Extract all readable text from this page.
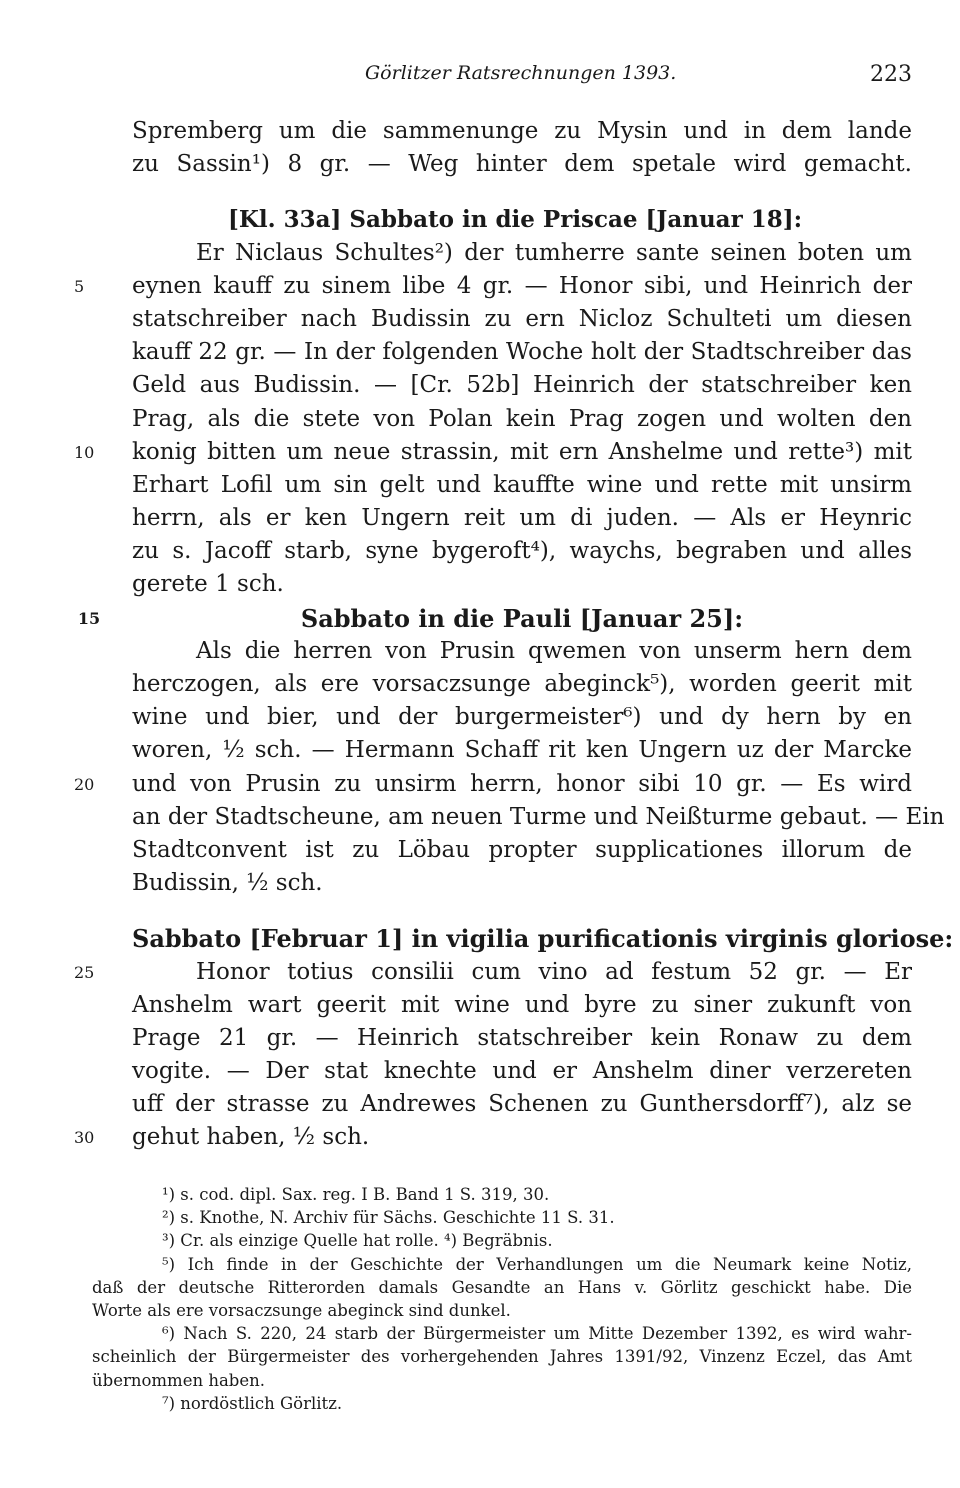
Görlitzer Ratsrechnungen 1393.	223
Spremberg um die sammenunge zu Mysin und in dem lande
zu Sassin¹) 8 gr. — Weg hinter dem spetale wird gemacht.
[Kl. 33a] Sabbato in die Priscae [Januar 18]:
Er Niclaus Schultes²) der tumherre sante seinen boten um
eynen kauff zu sinem libe 4 gr. — Honor sibi, und Heinrich der
5
statschreiber nach Budissin zu ern Nicloz Schulteti um diesen
kauff 22 gr. — In der folgenden Woche holt der Stadtschreiber das
Geld aus Budissin. — [Cr. 52b] Heinrich der statschreiber ken
Prag, als die stete von Polan kein Prag zogen und wolten den
konig bitten um neue strassin, mit ern Anshelme und rette³) mit
10
Erhart Lofil um sin gelt und kauffte wine und rette mit unsirm
herrn, als er ken Ungern reit um di juden. — Als er Heynric
zu s. Jacoff starb, syne bygeroft⁴), waychs, begraben und alles
gerete 1 sch.
Sabbato in die Pauli [Januar 25]:
15
Als die herren von Prusin qwemen von unserm hern dem
herczogen, als ere vorsaczsunge abeginck⁵), worden geerit mit
wine und bier, und der burgermeister⁶) und dy hern by en
woren, ½ sch. — Hermann Schaff rit ken Ungern uz der Marcke
und von Prusin zu unsirm herrn, honor sibi 10 gr. — Es wird
20
an der Stadtscheune, am neuen Turme und Neißturme gebaut. — Ein
Stadtconvent ist zu Löbau propter supplicationes illorum de
Budissin, ½ sch.
Sabbato [Februar 1] in vigilia purificationis virginis gloriose:
Honor totius consilii cum vino ad festum 52 gr. — Er
25
Anshelm wart geerit mit wine und byre zu siner zukunft von
Prage 21 gr. — Heinrich statschreiber kein Ronaw zu dem
vogite. — Der stat knechte und er Anshelm diner verzereten
uff der strasse zu Andrewes Schenen zu Gunthersdorff⁷), alz se
gehut haben, ½ sch.
30
¹) s. cod. dipl. Sax. reg. I B. Band 1 S. 319, 30.
²) s. Knothe, N. Archiv für Sächs. Geschichte 11 S. 31.
³) Cr. als einzige Quelle hat rolle. ⁴) Begräbnis.
⁵) Ich finde in der Geschichte der Verhandlungen um die Neumark keine Notiz,
daß der deutsche Ritterorden damals Gesandte an Hans v. Görlitz geschickt habe. Die
Worte als ere vorsaczsunge abeginck sind dunkel.
⁶) Nach S. 220, 24 starb der Bürgermeister um Mitte Dezember 1392, es wird wahr-
scheinlich der Bürgermeister des vorhergehenden Jahres 1391/92, Vinzenz Eczel, das Amt
übernommen haben.
⁷) nordöstlich Görlitz.
